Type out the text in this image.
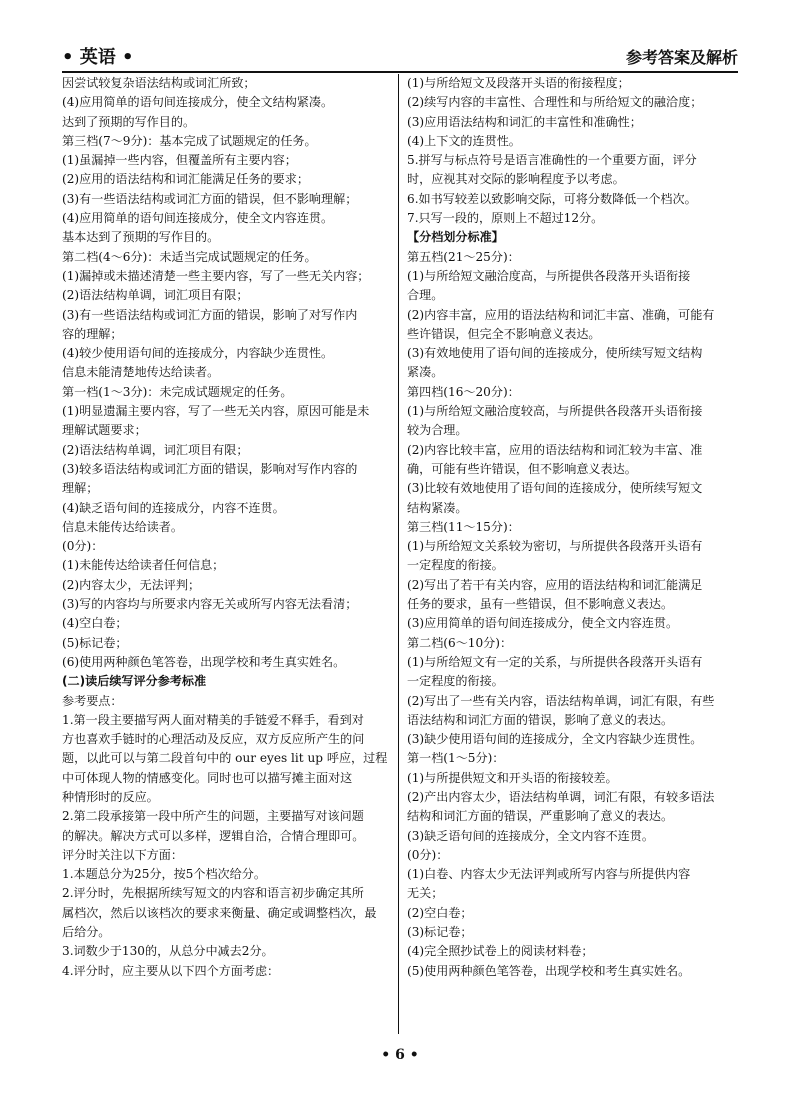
• 英语 •	参考答案及解析
因尝试较复杂语法结构或词汇所致；
(4)应用简单的语句间连接成分，使全文结构紧凑。
达到了预期的写作目的。
第三档(7～9分)：基本完成了试题规定的任务。
(1)虽漏掉一些内容，但覆盖所有主要内容；
(2)应用的语法结构和词汇能满足任务的要求；
(3)有一些语法结构或词汇方面的错误，但不影响理解；
(4)应用简单的语句间连接成分，使全文内容连贯。
基本达到了预期的写作目的。
第二档(4～6分)：未适当完成试题规定的任务。
(1)漏掉或未描述清楚一些主要内容，写了一些无关内容；
(2)语法结构单调，词汇项目有限；
(3)有一些语法结构或词汇方面的错误，影响了对写作内
容的理解；
(4)较少使用语句间的连接成分，内容缺少连贯性。
信息未能清楚地传达给读者。
第一档(1～3分)：未完成试题规定的任务。
(1)明显遗漏主要内容，写了一些无关内容，原因可能是未
理解试题要求；
(2)语法结构单调，词汇项目有限；
(3)较多语法结构或词汇方面的错误，影响对写作内容的
理解；
(4)缺乏语句间的连接成分，内容不连贯。
信息未能传达给读者。
(0分)：
(1)未能传达给读者任何信息；
(2)内容太少，无法评判；
(3)写的内容均与所要求内容无关或所写内容无法看清；
(4)空白卷；
(5)标记卷；
(6)使用两种颜色笔答卷，出现学校和考生真实姓名。
(二)读后续写评分参考标准
参考要点：
1.第一段主要描写两人面对精美的手链爱不释手，看到对
方也喜欢手链时的心理活动及反应，双方反应所产生的问
题，以此可以与第二段首句中的 our eyes lit up 呼应，过程
中可体现人物的情感变化。同时也可以描写摊主面对这
种情形时的反应。
2.第二段承接第一段中所产生的问题，主要描写对该问题
的解决。解决方式可以多样，逻辑自洽，合情合理即可。
评分时关注以下方面：
1.本题总分为25分，按5个档次给分。
2.评分时，先根据所续写短文的内容和语言初步确定其所
属档次，然后以该档次的要求来衡量、确定或调整档次，最
后给分。
3.词数少于130的，从总分中减去2分。
4.评分时，应主要从以下四个方面考虑：
(1)与所给短文及段落开头语的衔接程度；
(2)续写内容的丰富性、合理性和与所给短文的融洽度；
(3)应用语法结构和词汇的丰富性和准确性；
(4)上下文的连贯性。
5.拼写与标点符号是语言准确性的一个重要方面，评分
时，应视其对交际的影响程度予以考虑。
6.如书写较差以致影响交际，可将分数降低一个档次。
7.只写一段的，原则上不超过12分。
【分档划分标准】
第五档(21～25分)：
(1)与所给短文融洽度高，与所提供各段落开头语衔接
合理。
(2)内容丰富，应用的语法结构和词汇丰富、准确，可能有
些许错误，但完全不影响意义表达。
(3)有效地使用了语句间的连接成分，使所续写短文结构
紧凑。
第四档(16～20分)：
(1)与所给短文融洽度较高，与所提供各段落开头语衔接
较为合理。
(2)内容比较丰富，应用的语法结构和词汇较为丰富、准
确，可能有些许错误，但不影响意义表达。
(3)比较有效地使用了语句间的连接成分，使所续写短文
结构紧凑。
第三档(11～15分)：
(1)与所给短文关系较为密切，与所提供各段落开头语有
一定程度的衔接。
(2)写出了若干有关内容，应用的语法结构和词汇能满足
任务的要求，虽有一些错误，但不影响意义表达。
(3)应用简单的语句间连接成分，使全文内容连贯。
第二档(6～10分)：
(1)与所给短文有一定的关系，与所提供各段落开头语有
一定程度的衔接。
(2)写出了一些有关内容，语法结构单调，词汇有限，有些
语法结构和词汇方面的错误，影响了意义的表达。
(3)缺少使用语句间的连接成分，全文内容缺少连贯性。
第一档(1～5分)：
(1)与所提供短文和开头语的衔接较差。
(2)产出内容太少，语法结构单调，词汇有限，有较多语法
结构和词汇方面的错误，严重影响了意义的表达。
(3)缺乏语句间的连接成分，全文内容不连贯。
(0分)：
(1)白卷、内容太少无法评判或所写内容与所提供内容
无关；
(2)空白卷；
(3)标记卷；
(4)完全照抄试卷上的阅读材料卷；
(5)使用两种颜色笔答卷，出现学校和考生真实姓名。
• 6 •
